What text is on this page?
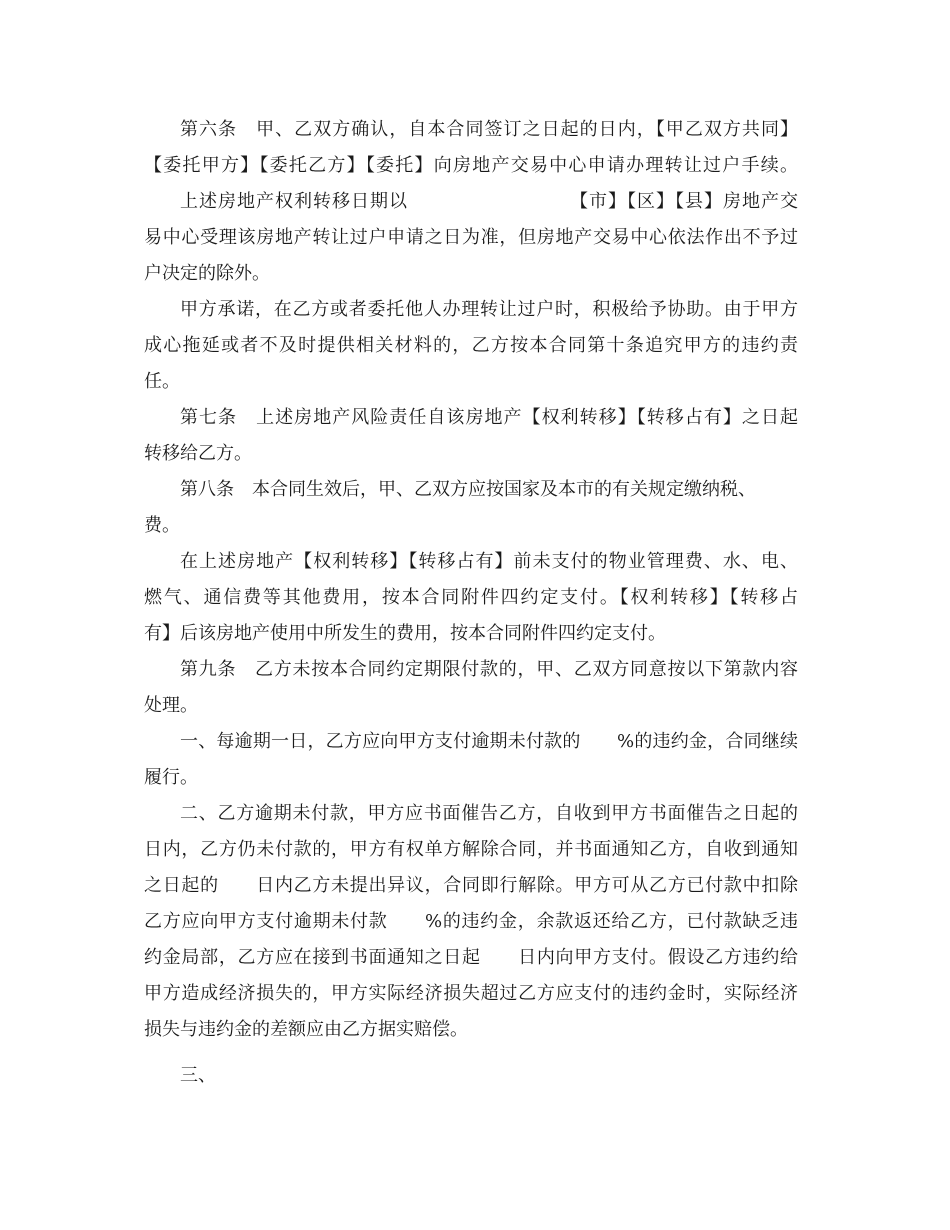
第六条　甲、乙双方确认，自本合同签订之日起的日内，【甲乙双方共同】
【委托甲方】【委托乙方】【委托】向房地产交易中心申请办理转让过户手续。
上述房地产权利转移日期以　　　　　　　　　【市】【区】【县】房地产交
易中心受理该房地产转让过户申请之日为准，但房地产交易中心依法作出不予过
户决定的除外。
甲方承诺，在乙方或者委托他人办理转让过户时，积极给予协助。由于甲方
成心拖延或者不及时提供相关材料的，乙方按本合同第十条追究甲方的违约责
任。
第七条　上述房地产风险责任自该房地产【权利转移】【转移占有】之日起
转移给乙方。
第八条　本合同生效后，甲、乙双方应按国家及本市的有关规定缴纳税、
费。
在上述房地产【权利转移】【转移占有】前未支付的物业管理费、水、电、
燃气、通信费等其他费用，按本合同附件四约定支付。【权利转移】【转移占
有】后该房地产使用中所发生的费用，按本合同附件四约定支付。
第九条　乙方未按本合同约定期限付款的，甲、乙双方同意按以下第款内容
处理。
一、每逾期一日，乙方应向甲方支付逾期未付款的　　%的违约金，合同继续
履行。
二、乙方逾期未付款，甲方应书面催告乙方，自收到甲方书面催告之日起的
日内，乙方仍未付款的，甲方有权单方解除合同，并书面通知乙方，自收到通知
之日起的　　日内乙方未提出异议，合同即行解除。甲方可从乙方已付款中扣除
乙方应向甲方支付逾期未付款　　%的违约金，余款返还给乙方，已付款缺乏违
约金局部，乙方应在接到书面通知之日起　　日内向甲方支付。假设乙方违约给
甲方造成经济损失的，甲方实际经济损失超过乙方应支付的违约金时，实际经济
损失与违约金的差额应由乙方据实赔偿。
三、
